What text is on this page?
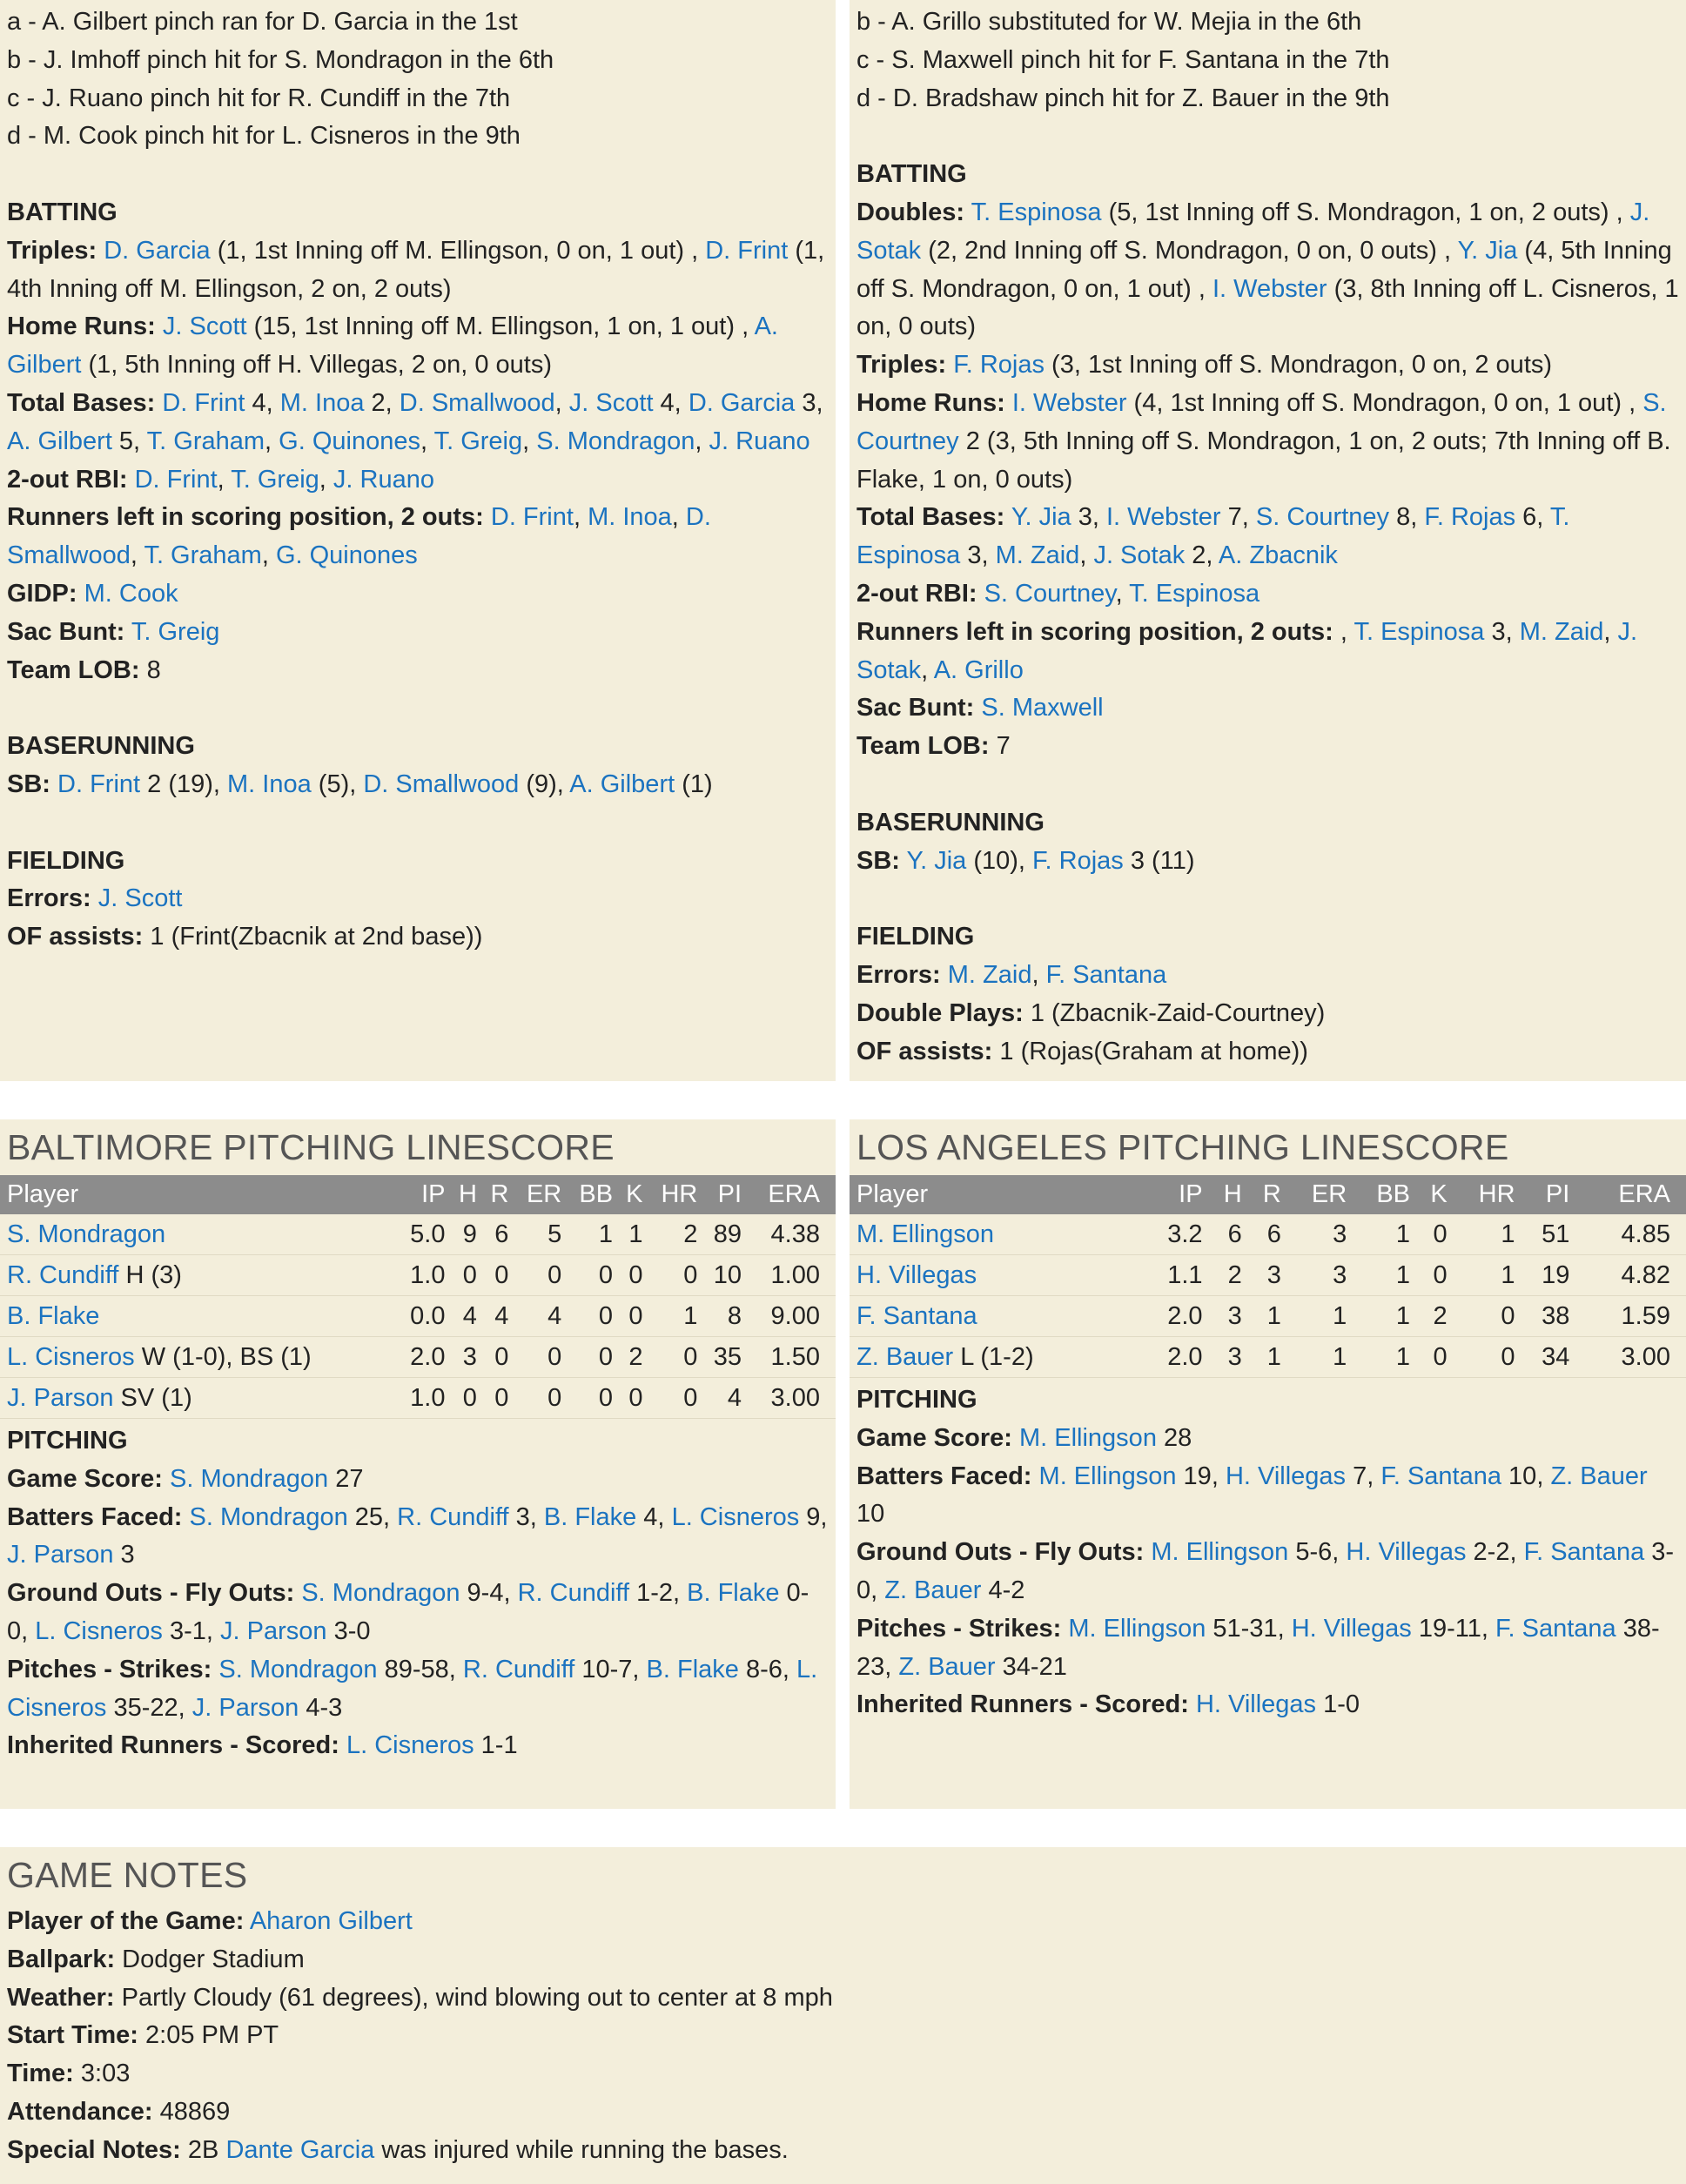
a - A. Gilbert pinch ran for D. Garcia in the 1st
b - J. Imhoff pinch hit for S. Mondragon in the 6th
c - J. Ruano pinch hit for R. Cundiff in the 7th
d - M. Cook pinch hit for L. Cisneros in the 9th
BATTING
Triples: D. Garcia (1, 1st Inning off M. Ellingson, 0 on, 1 out) , D. Frint (1, 4th Inning off M. Ellingson, 2 on, 2 outs)
Home Runs: J. Scott (15, 1st Inning off M. Ellingson, 1 on, 1 out) , A. Gilbert (1, 5th Inning off H. Villegas, 2 on, 0 outs)
Total Bases: D. Frint 4, M. Inoa 2, D. Smallwood, J. Scott 4, D. Garcia 3, A. Gilbert 5, T. Graham, G. Quinones, T. Greig, S. Mondragon, J. Ruano
2-out RBI: D. Frint, T. Greig, J. Ruano
Runners left in scoring position, 2 outs: D. Frint, M. Inoa, D. Smallwood, T. Graham, G. Quinones
GIDP: M. Cook
Sac Bunt: T. Greig
Team LOB: 8
BASERUNNING
SB: D. Frint 2 (19), M. Inoa (5), D. Smallwood (9), A. Gilbert (1)
FIELDING
Errors: J. Scott
OF assists: 1 (Frint(Zbacnik at 2nd base))
b - A. Grillo substituted for W. Mejia in the 6th
c - S. Maxwell pinch hit for F. Santana in the 7th
d - D. Bradshaw pinch hit for Z. Bauer in the 9th
BATTING
Doubles: T. Espinosa (5, 1st Inning off S. Mondragon, 1 on, 2 outs) , J. Sotak (2, 2nd Inning off S. Mondragon, 0 on, 0 outs) , Y. Jia (4, 5th Inning off S. Mondragon, 0 on, 1 out) , I. Webster (3, 8th Inning off L. Cisneros, 1 on, 0 outs)
Triples: F. Rojas (3, 1st Inning off S. Mondragon, 0 on, 2 outs)
Home Runs: I. Webster (4, 1st Inning off S. Mondragon, 0 on, 1 out) , S. Courtney 2 (3, 5th Inning off S. Mondragon, 1 on, 2 outs; 7th Inning off B. Flake, 1 on, 0 outs)
Total Bases: Y. Jia 3, I. Webster 7, S. Courtney 8, F. Rojas 6, T. Espinosa 3, M. Zaid, J. Sotak 2, A. Zbacnik
2-out RBI: S. Courtney, T. Espinosa
Runners left in scoring position, 2 outs: , T. Espinosa 3, M. Zaid, J. Sotak, A. Grillo
Sac Bunt: S. Maxwell
Team LOB: 7
BASERUNNING
SB: Y. Jia (10), F. Rojas 3 (11)
FIELDING
Errors: M. Zaid, F. Santana
Double Plays: 1 (Zbacnik-Zaid-Courtney)
OF assists: 1 (Rojas(Graham at home))
BALTIMORE PITCHING LINESCORE
Player	IP	H	R	ER	BB	K	HR	PI	ERA
S. Mondragon	5.0	9	6	5	1	1	2	89	4.38
R. Cundiff H (3)	1.0	0	0	0	0	0	0	10	1.00
B. Flake	0.0	4	4	4	0	0	1	8	9.00
L. Cisneros W (1-0), BS (1)	2.0	3	0	0	0	2	0	35	1.50
J. Parson SV (1)	1.0	0	0	0	0	0	0	4	3.00
PITCHING
Game Score: S. Mondragon 27
Batters Faced: S. Mondragon 25, R. Cundiff 3, B. Flake 4, L. Cisneros 9, J. Parson 3
Ground Outs - Fly Outs: S. Mondragon 9-4, R. Cundiff 1-2, B. Flake 0-0, L. Cisneros 3-1, J. Parson 3-0
Pitches - Strikes: S. Mondragon 89-58, R. Cundiff 10-7, B. Flake 8-6, L. Cisneros 35-22, J. Parson 4-3
Inherited Runners - Scored: L. Cisneros 1-1
LOS ANGELES PITCHING LINESCORE
Player	IP	H	R	ER	BB	K	HR	PI	ERA
M. Ellingson	3.2	6	6	3	1	0	1	51	4.85
H. Villegas	1.1	2	3	3	1	0	1	19	4.82
F. Santana	2.0	3	1	1	1	2	0	38	1.59
Z. Bauer L (1-2)	2.0	3	1	1	1	0	0	34	3.00
PITCHING
Game Score: M. Ellingson 28
Batters Faced: M. Ellingson 19, H. Villegas 7, F. Santana 10, Z. Bauer 10
Ground Outs - Fly Outs: M. Ellingson 5-6, H. Villegas 2-2, F. Santana 3-0, Z. Bauer 4-2
Pitches - Strikes: M. Ellingson 51-31, H. Villegas 19-11, F. Santana 38-23, Z. Bauer 34-21
Inherited Runners - Scored: H. Villegas 1-0
GAME NOTES
Player of the Game: Aharon Gilbert
Ballpark: Dodger Stadium
Weather: Partly Cloudy (61 degrees), wind blowing out to center at 8 mph
Start Time: 2:05 PM PT
Time: 3:03
Attendance: 48869
Special Notes: 2B Dante Garcia was injured while running the bases.
